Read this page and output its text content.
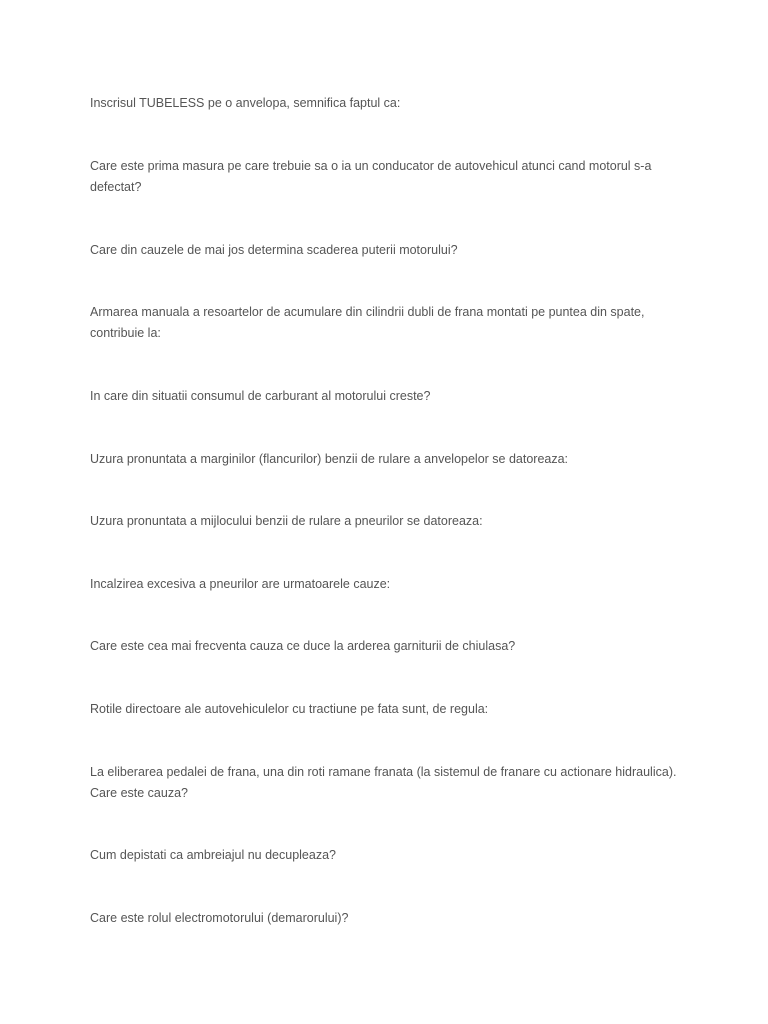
Inscrisul TUBELESS pe o anvelopa, semnifica faptul ca:

Care este prima masura pe care trebuie sa o ia un conducator de autovehicul atunci cand motorul s-a defectat?

Care din cauzele de mai jos determina scaderea puterii motorului?

Armarea manuala a resoartelor de acumulare din cilindrii dubli de frana montati pe puntea din spate, contribuie la:

In care din situatii consumul de carburant al motorului creste?

Uzura pronuntata a marginilor (flancurilor) benzii de rulare a anvelopelor se datoreaza:

Uzura pronuntata a mijlocului benzii de rulare a pneurilor se datoreaza:

Incalzirea excesiva a pneurilor are urmatoarele cauze:

Care este cea mai frecventa cauza ce duce la arderea garniturii de chiulasa?

Rotile directoare ale autovehiculelor cu tractiune pe fata sunt, de regula:

La eliberarea pedalei de frana, una din roti ramane franata (la sistemul de franare cu actionare hidraulica). Care este cauza?

Cum depistati ca ambreiajul nu decupleaza?

Care este rolul electromotorului (demarorului)?
